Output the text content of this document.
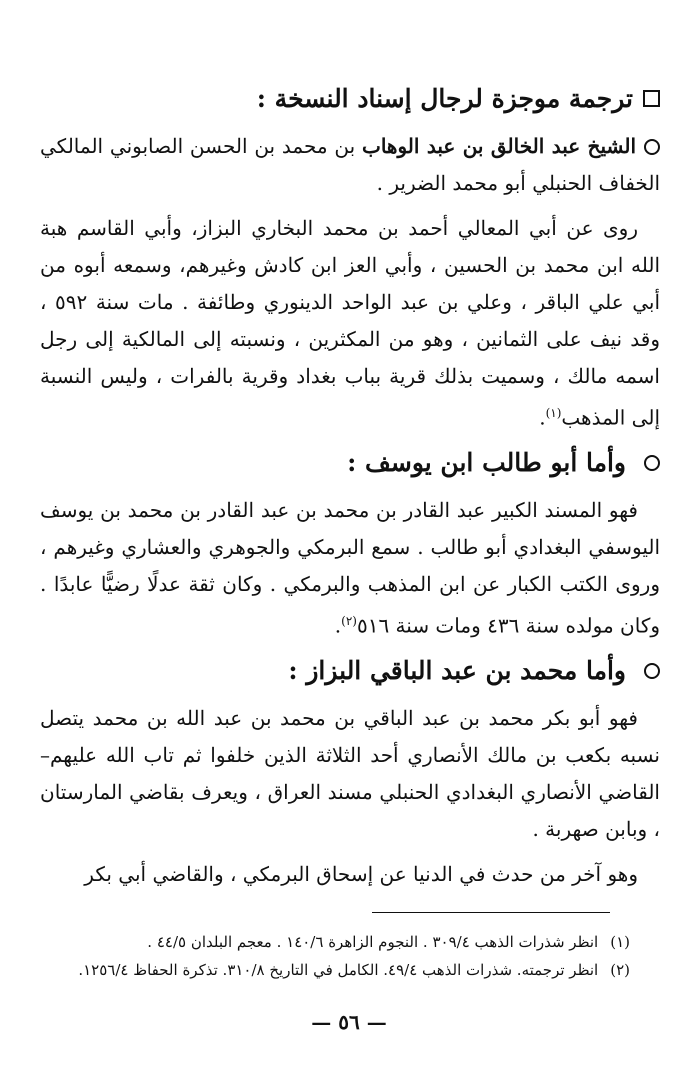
ترجمة موجزة لرجال إسناد النسخة :

الشيخ عبد الخالق بن عبد الوهاب بن محمد بن الحسن الصابوني المالكي الخفاف الحنبلي أبو محمد الضرير .

روى عن أبي المعالي أحمد بن محمد البخاري البزاز، وأبي القاسم هبة الله ابن محمد بن الحسين ، وأبي العز ابن كادش وغيرهم، وسمعه أبوه من أبي علي الباقر ، وعلي بن عبد الواحد الدينوري وطائفة . مات سنة ٥٩٢ ، وقد نيف على الثمانين ، وهو من المكثرين ، ونسبته إلى المالكية إلى رجل اسمه مالك ، وسميت بذلك قرية بباب بغداد وقرية بالفرات ، وليس النسبة إلى المذهب$^{(١)}$.

وأما أبو طالب ابن يوسف :

فهو المسند الكبير عبد القادر بن محمد بن عبد القادر بن محمد بن يوسف اليوسفي البغدادي أبو طالب . سمع البرمكي والجوهري والعشاري وغيرهم ، وروى الكتب الكبار عن ابن المذهب والبرمكي . وكان ثقة عدلًا رضيًّا عابدًا . وكان مولده سنة ٤٣٦ ومات سنة ٥١٦$^{(٢)}$.

وأما محمد بن عبد الباقي البزاز :

فهو أبو بكر محمد بن عبد الباقي بن محمد بن عبد الله بن محمد يتصل نسبه بكعب بن مالك الأنصاري أحد الثلاثة الذين خلفوا ثم تاب الله عليهم– القاضي الأنصاري البغدادي الحنبلي مسند العراق ، ويعرف بقاضي المارستان ، وبابن صهربة .

وهو آخر من حدث في الدنيا عن إسحاق البرمكي ، والقاضي أبي بكر

(١)
انظر شذرات الذهب ٣٠٩/٤ . النجوم الزاهرة ١٤٠/٦ . معجم البلدان ٤٤/٥ .
(٢)
انظر ترجمته. شذرات الذهب ٤٩/٤. الكامل في التاريخ ٣١٠/٨. تذكرة الحفاظ ١٢٥٦/٤.
— ٥٦ —
